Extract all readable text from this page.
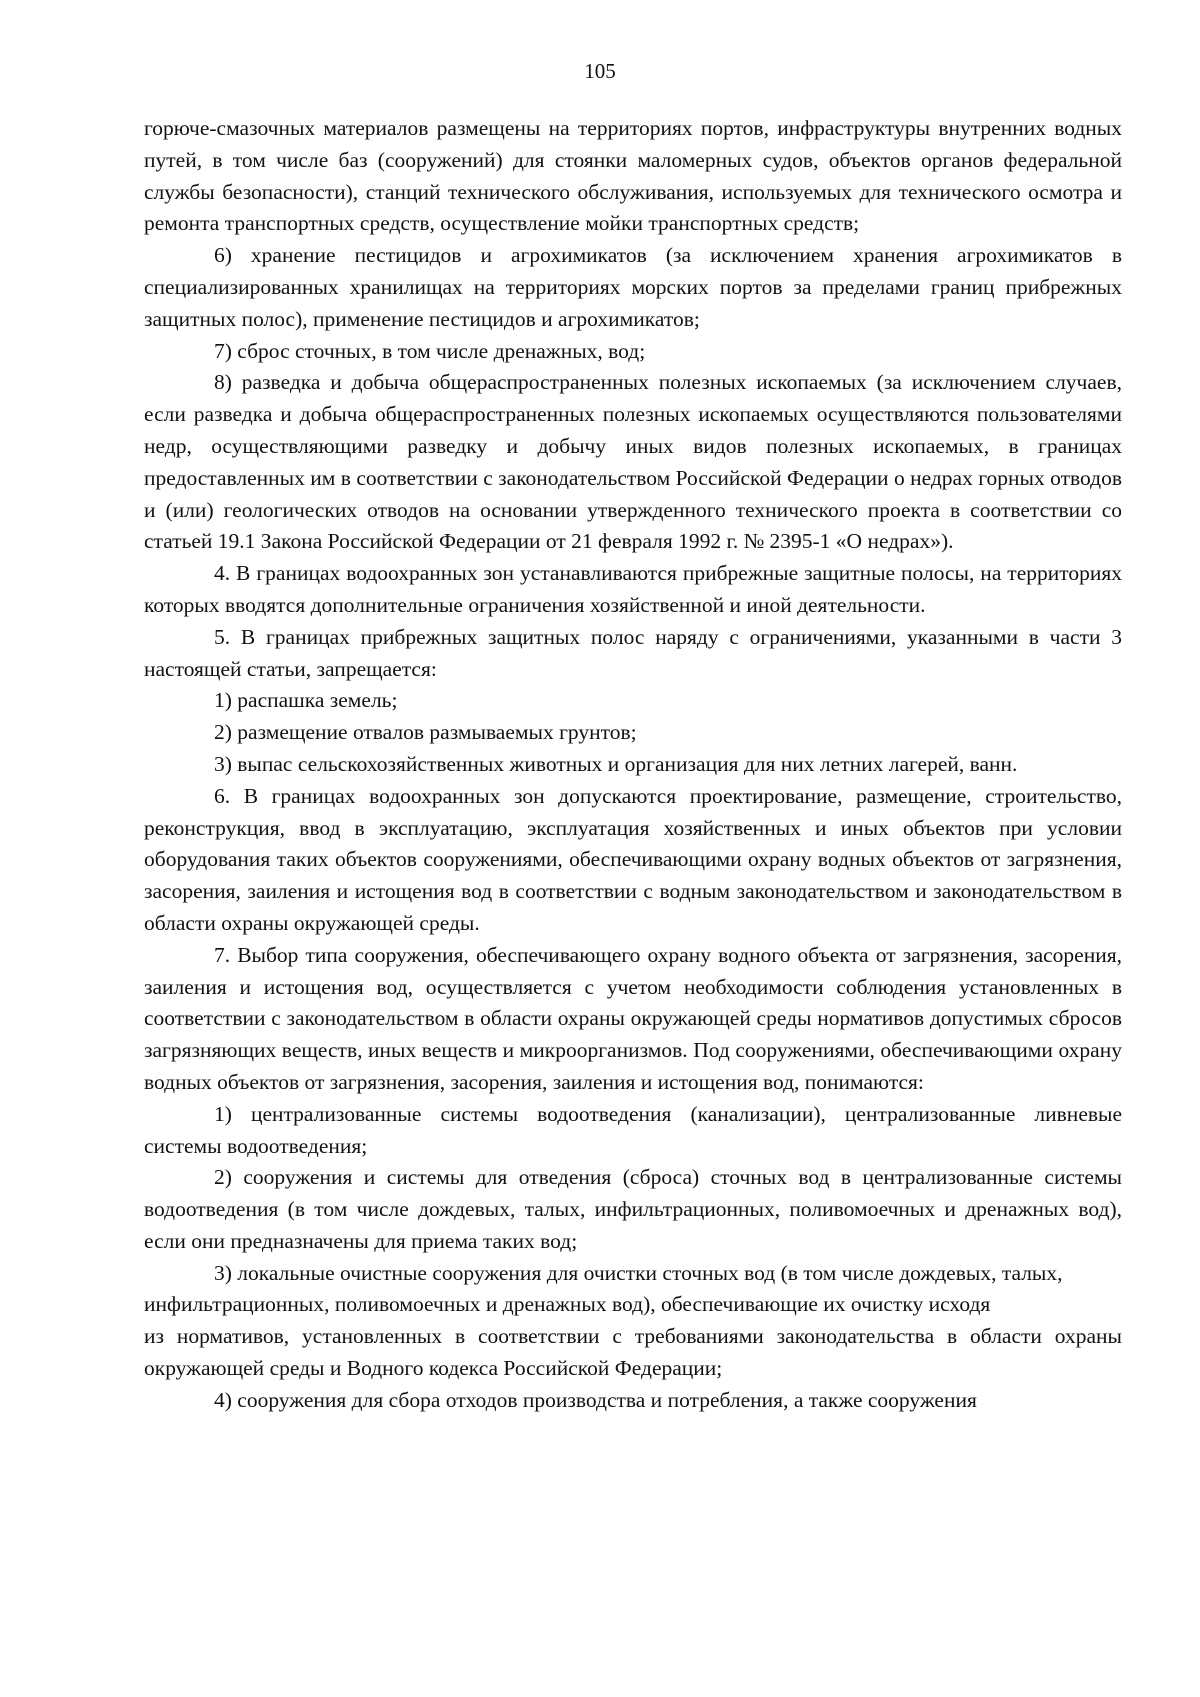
105

горюче-смазочных материалов размещены на территориях портов, инфраструктуры внутренних водных путей, в том числе баз (сооружений) для стоянки маломерных судов, объектов органов федеральной службы безопасности), станций технического обслуживания, используемых для технического осмотра и ремонта транспортных средств, осуществление мойки транспортных средств;

6) хранение пестицидов и агрохимикатов (за исключением хранения агрохимикатов в специализированных хранилищах на территориях морских портов за пределами границ прибрежных защитных полос), применение пестицидов и агрохимикатов;

7) сброс сточных, в том числе дренажных, вод;

8) разведка и добыча общераспространенных полезных ископаемых (за исключением случаев, если разведка и добыча общераспространенных полезных ископаемых осуществляются пользователями недр, осуществляющими разведку и добычу иных видов полезных ископаемых, в границах предоставленных им в соответствии с законодательством Российской Федерации о недрах горных отводов и (или) геологических отводов на основании утвержденного технического проекта в соответствии со статьей 19.1 Закона Российской Федерации от 21 февраля 1992 г. № 2395-1 «О недрах»).

4. В границах водоохранных зон устанавливаются прибрежные защитные полосы, на территориях которых вводятся дополнительные ограничения хозяйственной и иной деятельности.

5. В границах прибрежных защитных полос наряду с ограничениями, указанными в части 3 настоящей статьи, запрещается:

1) распашка земель;

2) размещение отвалов размываемых грунтов;

3) выпас сельскохозяйственных животных и организация для них летних лагерей, ванн.

6. В границах водоохранных зон допускаются проектирование, размещение, строительство, реконструкция, ввод в эксплуатацию, эксплуатация хозяйственных и иных объектов при условии оборудования таких объектов сооружениями, обеспечивающими охрану водных объектов от загрязнения, засорения, заиления и истощения вод в соответствии с водным законодательством и законодательством в области охраны окружающей среды.

7. Выбор типа сооружения, обеспечивающего охрану водного объекта от загрязнения, засорения, заиления и истощения вод, осуществляется с учетом необходимости соблюдения установленных в соответствии с законодательством в области охраны окружающей среды нормативов допустимых сбросов загрязняющих веществ, иных веществ и микроорганизмов. Под сооружениями, обеспечивающими охрану водных объектов от загрязнения, засорения, заиления и истощения вод, понимаются:

1) централизованные системы водоотведения (канализации), централизованные ливневые системы водоотведения;

2) сооружения и системы для отведения (сброса) сточных вод в централизованные системы водоотведения (в том числе дождевых, талых, инфильтрационных, поливомоечных и дренажных вод), если они предназначены для приема таких вод;

3) локальные очистные сооружения для очистки сточных вод (в том числе дождевых, талых, инфильтрационных, поливомоечных и дренажных вод), обеспечивающие их очистку исходя

из нормативов, установленных в соответствии с требованиями законодательства в области охраны окружающей среды и Водного кодекса Российской Федерации;

4) сооружения для сбора отходов производства и потребления, а также сооружения
